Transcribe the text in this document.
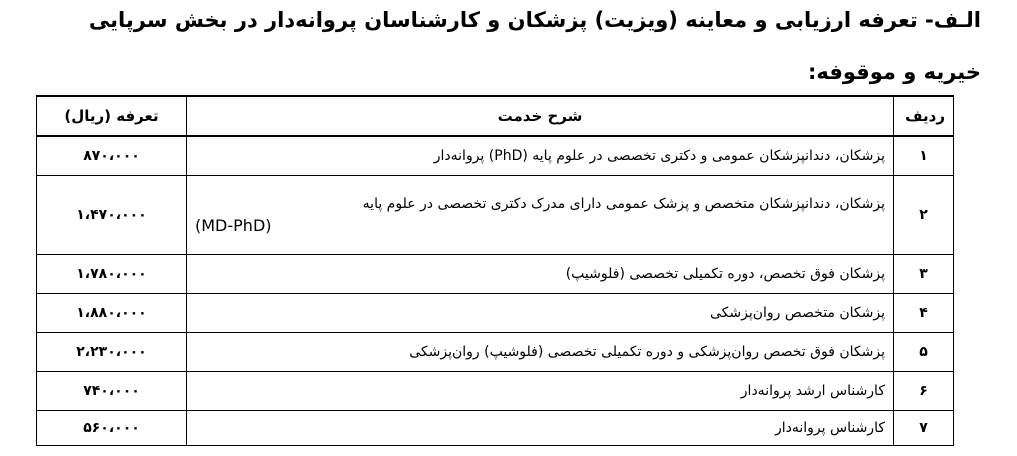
الـف- تعرفه ارزیابی و معاینه (ویزیت) پزشکان و کارشناسان پروانه‌دار در بخش سرپایی
خیریه و موقوفه:
ردیف	شرح خدمت	تعرفه (ریال)
۱	پزشکان، دندانپزشکان عمومی و دکتری تخصصی در علوم پایه (PhD) پروانه‌دار	۸۷۰،۰۰۰
۲	پزشکان، دندانپزشکان متخصص و پزشک عمومی دارای مدرک دکتری تخصصی در علوم پایه
(MD-PhD)	۱،۴۷۰،۰۰۰
۳	پزشکان فوق تخصص، دوره تکمیلی تخصصی (فلوشیپ)	۱،۷۸۰،۰۰۰
۴	پزشکان متخصص روان‌پزشکی	۱،۸۸۰،۰۰۰
۵	پزشکان فوق تخصص روان‌پزشکی و دوره تکمیلی تخصصی (فلوشیپ) روان‌پزشکی	۲،۲۳۰،۰۰۰
۶	کارشناس ارشد پروانه‌دار	۷۴۰،۰۰۰
۷	کارشناس پروانه‌دار	۵۶۰،۰۰۰
